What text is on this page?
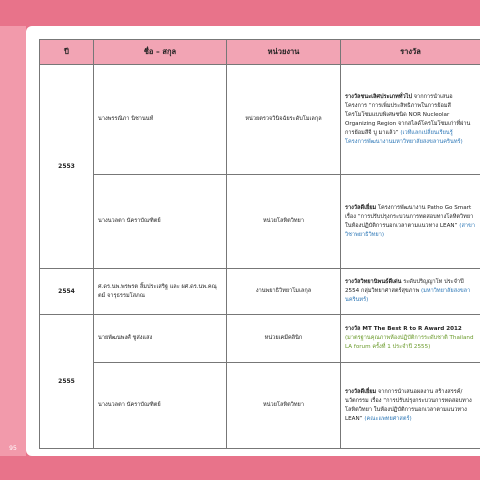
ปี	ชื่อ – สกุล	หน่วยงาน	รางวัล
2553	นางพรรณิภา นิชานนท์	หน่วยตรวจวินิจฉัยระดับโมเลกุล	รางวัลชนะเลิศประเภททั่วไป จากการนำเสนอ โครงการ “การเพิ่มประสิทธิภาพในการย้อมสีโครโมโซมแบบพิเศษชนิด NOR Nucleolar Organizing Region จากสไลด์โครโมโซมเก่าที่ผ่านการย้อมสีจี บู มาแล้ว” (เวทีแลกเปลี่ยนเรียนรู้ โครงการพัฒนางานมหาวิทยาลัยสงขลานครินทร์)
	นางนวลตา นัคราบัณฑิตย์	หน่วยโลหิตวิทยา	รางวัลดีเยี่ยม โครงการพัฒนางาน Patho Go Smart เรื่อง “การปรับปรุงกระบวนการทดสอบทางโลหิตวิทยาในห้องปฏิบัติการนอกเวลาตามแนวทาง LEAN” (สาขาวิชาพยาธิวิทยา)
2554	ศ.ดร.นพ.พรพรต ลิ้มประเสริฐ และ ผศ.ดร.นพ.คณุตม์ จารุธรรมโสภณ	งานพยาธิวิทยาโมเลกุล	รางวัลวิทยานิพนธ์ดีเด่น ระดับปริญญาโท ประจำปี 2554 กลุ่มวิทยาศาสตร์สุขภาพ (มหาวิทยาลัยสงขลานครินทร์)
2555	นายพัฒนพงศ์ ชูส่งแสง	หน่วยเคมีคลินิก	รางวัล MT The Best R to R Award 2012 (มาตรฐานคุณภาพห้องปฏิบัติการระดับชาติ Thailand LA forum ครั้งที่ 1 ประจำปี 2555)
	นางนวลตา นัคราบัณฑิตย์	หน่วยโลหิตวิทยา	รางวัลดีเยี่ยม จากการนำเสนอผลงาน สร้างสรรค์/นวัตกรรม เรื่อง “การปรับปรุงกระบวนการทดสอบทางโลหิตวิทยา ในห้องปฏิบัติการนอกเวลาตามแนวทาง LEAN” (คณะแพทยศาสตร์)
95
